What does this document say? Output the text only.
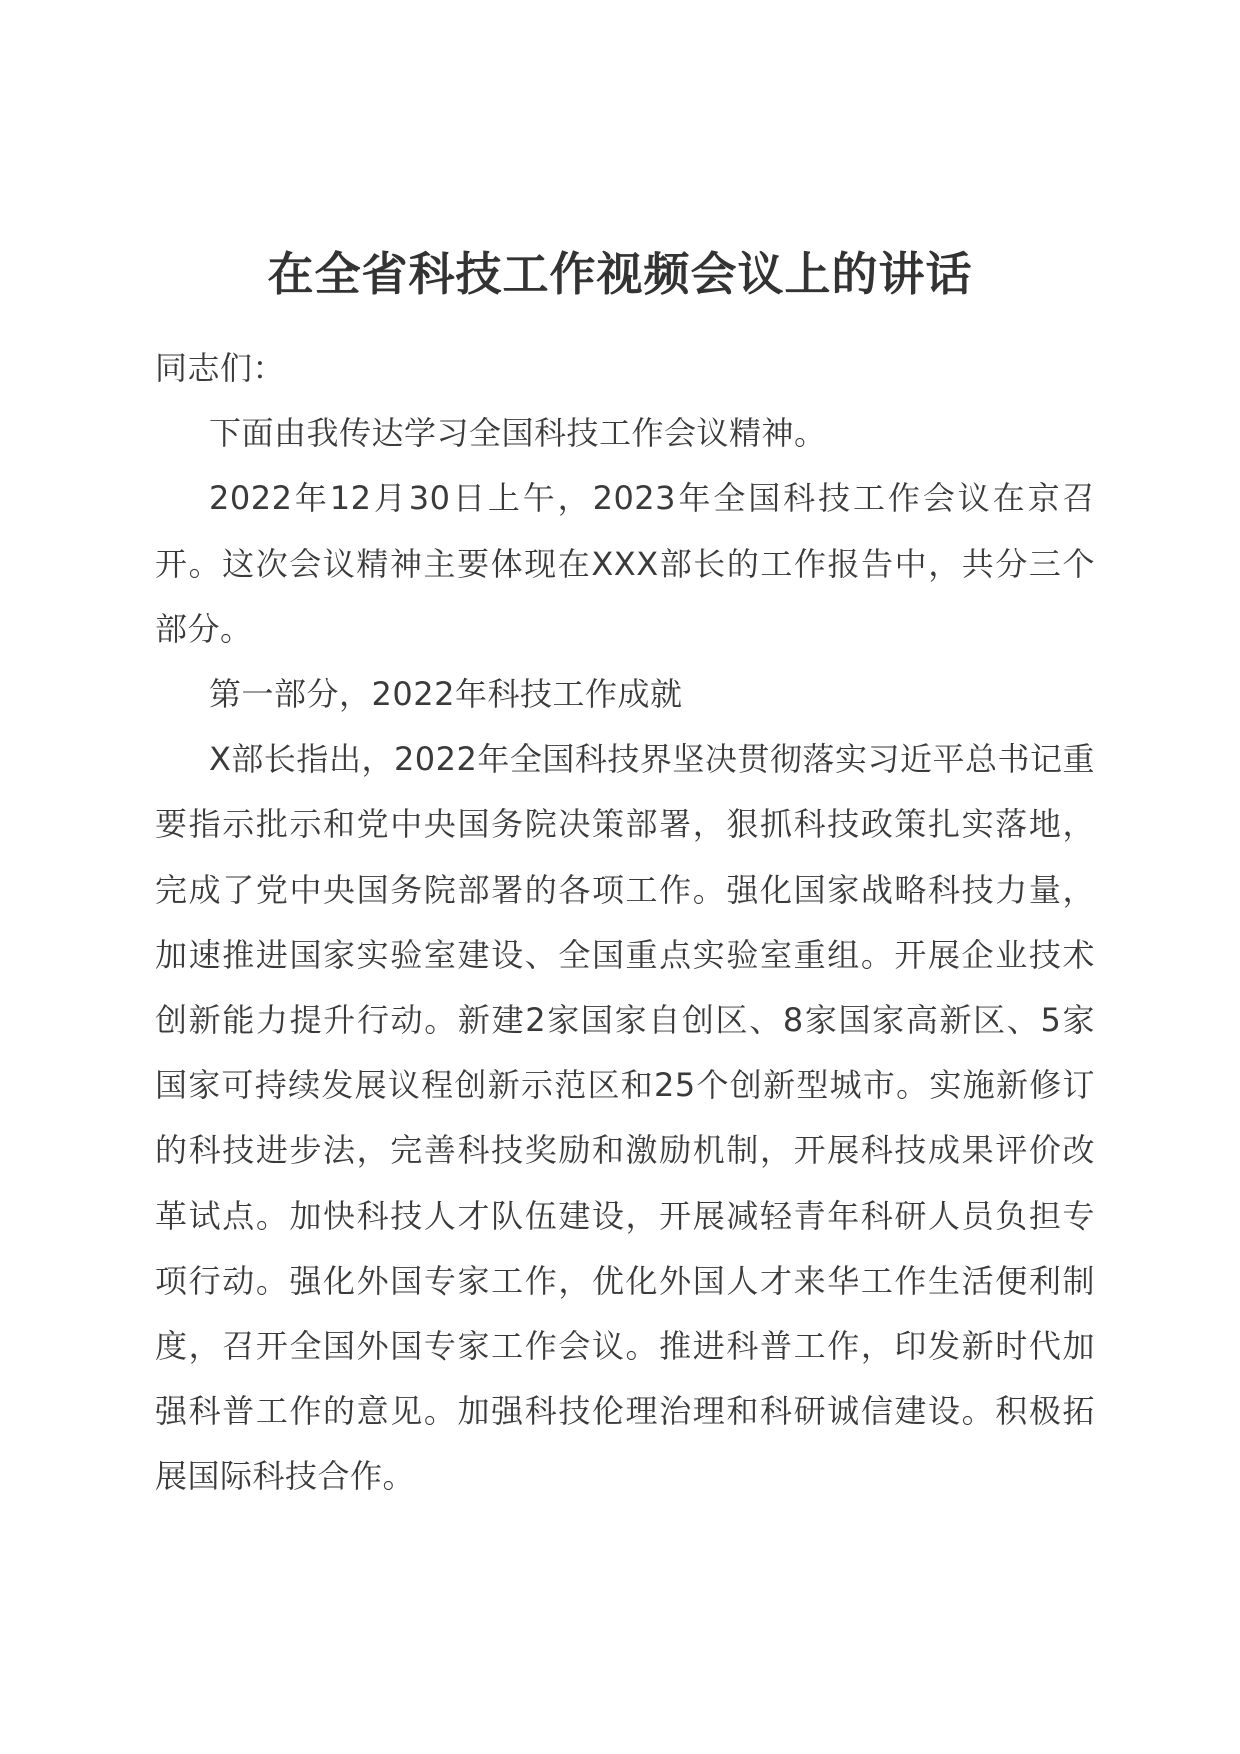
在全省科技工作视频会议上的讲话

同志们：

下面由我传达学习全国科技工作会议精神。

2022年12月30日上午，2023年全国科技工作会议在京召开。这次会议精神主要体现在XXX部长的工作报告中，共分三个部分。

第一部分，2022年科技工作成就

X部长指出，2022年全国科技界坚决贯彻落实习近平总书记重要指示批示和党中央国务院决策部署，狠抓科技政策扎实落地，完成了党中央国务院部署的各项工作。强化国家战略科技力量，加速推进国家实验室建设、全国重点实验室重组。开展企业技术创新能力提升行动。新建2家国家自创区、8家国家高新区、5家国家可持续发展议程创新示范区和25个创新型城市。实施新修订的科技进步法，完善科技奖励和激励机制，开展科技成果评价改革试点。加快科技人才队伍建设，开展减轻青年科研人员负担专项行动。强化外国专家工作，优化外国人才来华工作生活便利制度，召开全国外国专家工作会议。推进科普工作，印发新时代加强科普工作的意见。加强科技伦理治理和科研诚信建设。积极拓展国际科技合作。
